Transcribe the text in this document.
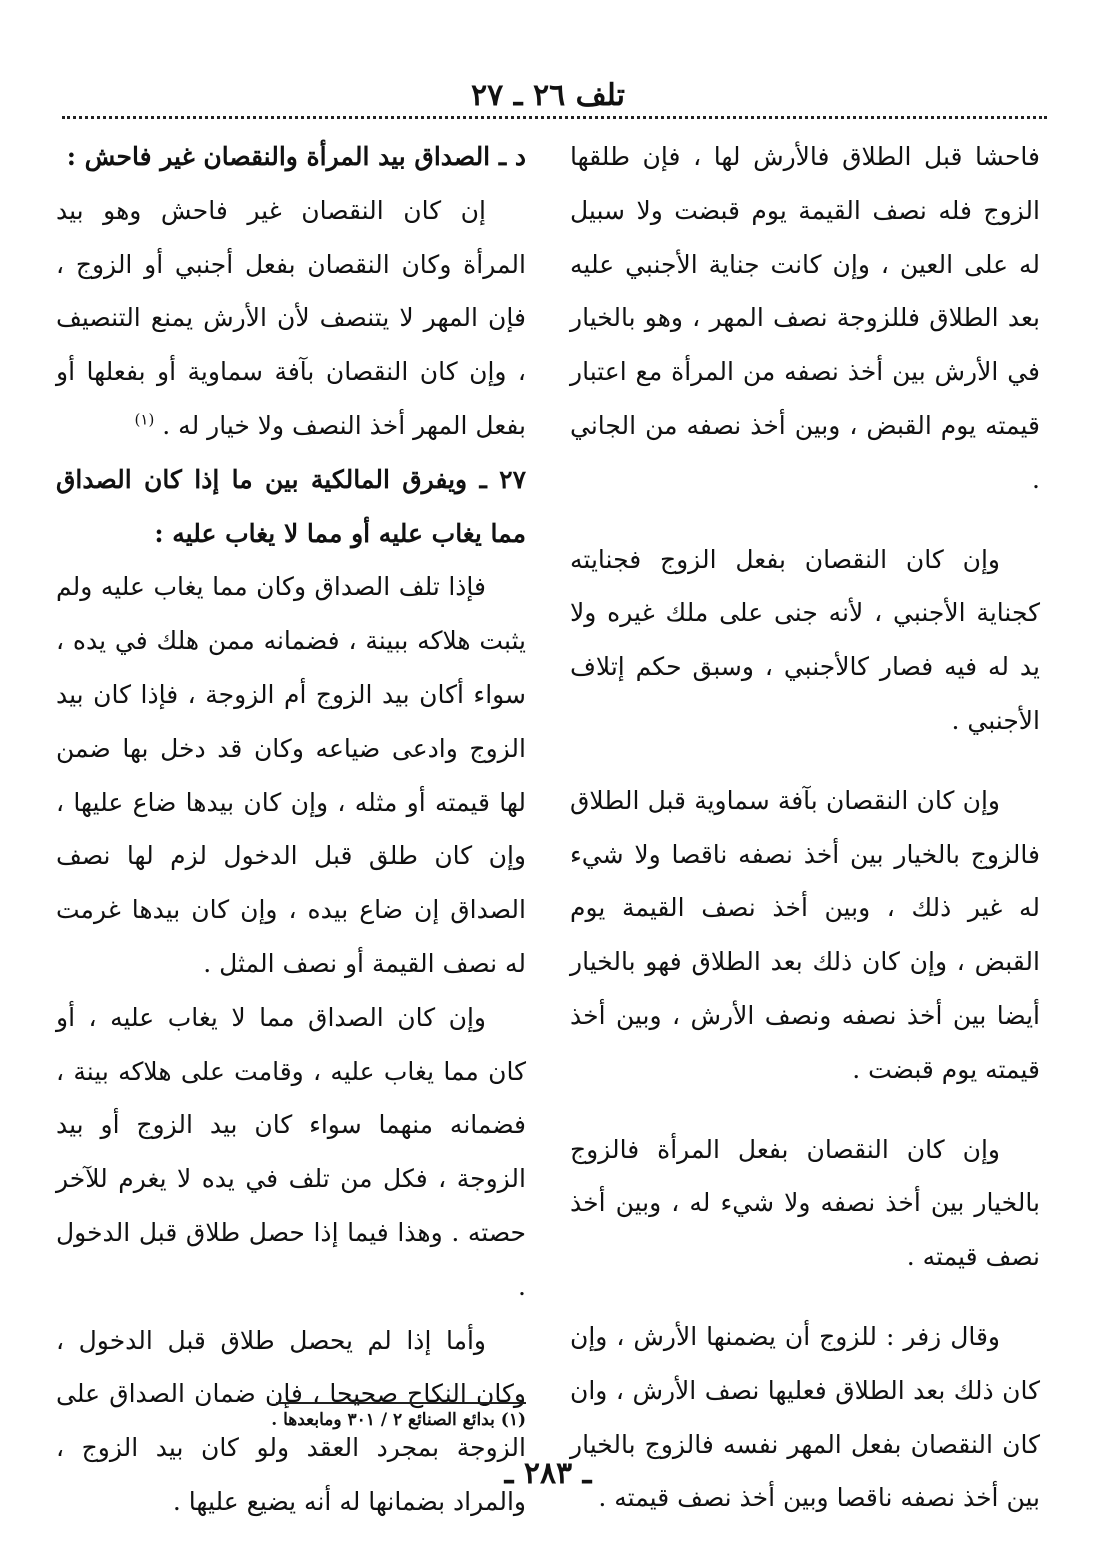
تلف ٢٦ ـ ٢٧

فاحشا قبل الطلاق فالأرش لها ، فإن طلقها الزوج فله نصف القيمة يوم قبضت ولا سبيل له على العين ، وإن كانت جناية الأجنبي عليه بعد الطلاق فللزوجة نصف المهر ، وهو بالخيار في الأرش بين أخذ نصفه من المرأة مع اعتبار قيمته يوم القبض ، وبين أخذ نصفه من الجاني .

وإن كان النقصان بفعل الزوج فجنايته كجناية الأجنبي ، لأنه جنى على ملك غيره ولا يد له فيه فصار كالأجنبي ، وسبق حكم إتلاف الأجنبي .

وإن كان النقصان بآفة سماوية قبل الطلاق فالزوج بالخيار بين أخذ نصفه ناقصا ولا شيء له غير ذلك ، وبين أخذ نصف القيمة يوم القبض ، وإن كان ذلك بعد الطلاق فهو بالخيار أيضا بين أخذ نصفه ونصف الأرش ، وبين أخذ قيمته يوم قبضت .

وإن كان النقصان بفعل المرأة فالزوج بالخيار بين أخذ نصفه ولا شيء له ، وبين أخذ نصف قيمته .

وقال زفر : للزوج أن يضمنها الأرش ، وإن كان ذلك بعد الطلاق فعليها نصف الأرش ، وان كان النقصان بفعل المهر نفسه فالزوج بالخيار بين أخذ نصفه ناقصا وبين أخذ نصف قيمته .

د ـ الصداق بيد المرأة والنقصان غير فاحش :

إن كان النقصان غير فاحش وهو بيد المرأة وكان النقصان بفعل أجنبي أو الزوج ، فإن المهر لا يتنصف لأن الأرش يمنع التنصيف ، وإن كان النقصان بآفة سماوية أو بفعلها أو بفعل المهر أخذ النصف ولا خيار له . $^{(١)}$

٢٧ ـ ويفرق المالكية بين ما إذا كان الصداق مما يغاب عليه أو مما لا يغاب عليه :

فإذا تلف الصداق وكان مما يغاب عليه ولم يثبت هلاكه ببينة ، فضمانه ممن هلك في يده ، سواء أكان بيد الزوج أم الزوجة ، فإذا كان بيد الزوج وادعى ضياعه وكان قد دخل بها ضمن لها قيمته أو مثله ، وإن كان بيدها ضاع عليها ، وإن كان طلق قبل الدخول لزم لها نصف الصداق إن ضاع بيده ، وإن كان بيدها غرمت له نصف القيمة أو نصف المثل .

وإن كان الصداق مما لا يغاب عليه ، أو كان مما يغاب عليه ، وقامت على هلاكه بينة ، فضمانه منهما سواء كان بيد الزوج أو بيد الزوجة ، فكل من تلف في يده لا يغرم للآخر حصته . وهذا فيما إذا حصل طلاق قبل الدخول .

وأما إذا لم يحصل طلاق قبل الدخول ، وكان النكاح صحيحا ، فإن ضمان الصداق على الزوجة بمجرد العقد ولو كان بيد الزوج ، والمراد بضمانها له أنه يضيع عليها .

(١) بدائع الصنائع ٢ / ٣٠١ ومابعدها .
ـ ٢٨٣ ـ
